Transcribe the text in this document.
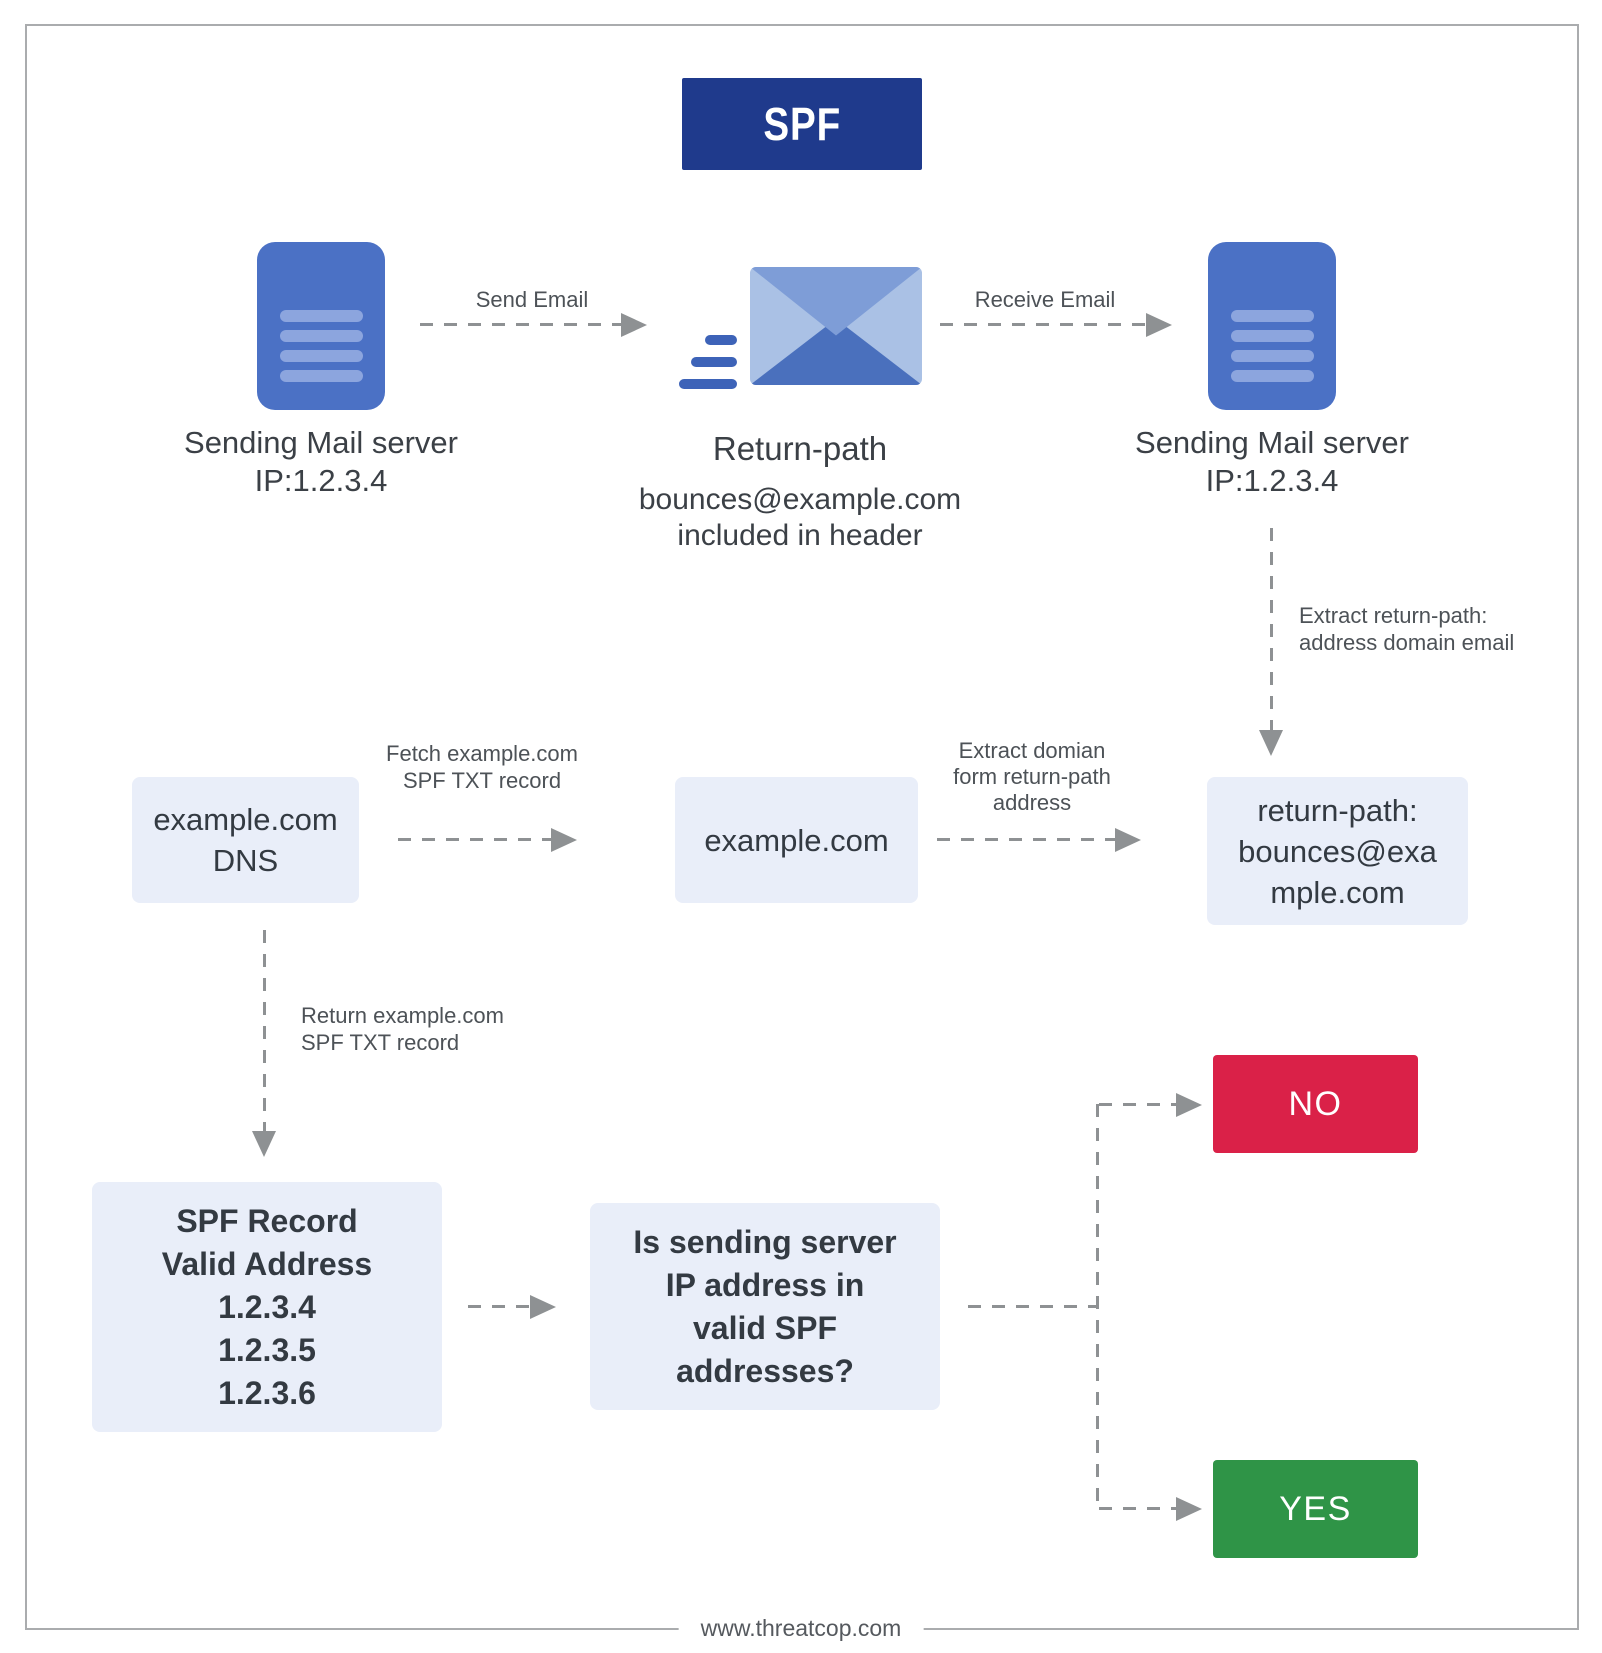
SPF
Send Email	Receive Email
Sending Mail server
IP:1.2.3.4
Return-path
bounces@example.com
included in header
Sending Mail server
IP:1.2.3.4
Extract return-path:
address domain email
example.com
DNS
Fetch example.com
SPF TXT record
example.com
Extract domian
form return-path
address	return-path:
bounces@exa
mple.com
Return example.com
SPF TXT record
SPF Record
Valid Address
1.2.3.4
1.2.3.5
1.2.3.6
Is sending server
IP address in
valid SPF
addresses?
NO
YES
www.threatcop.com
